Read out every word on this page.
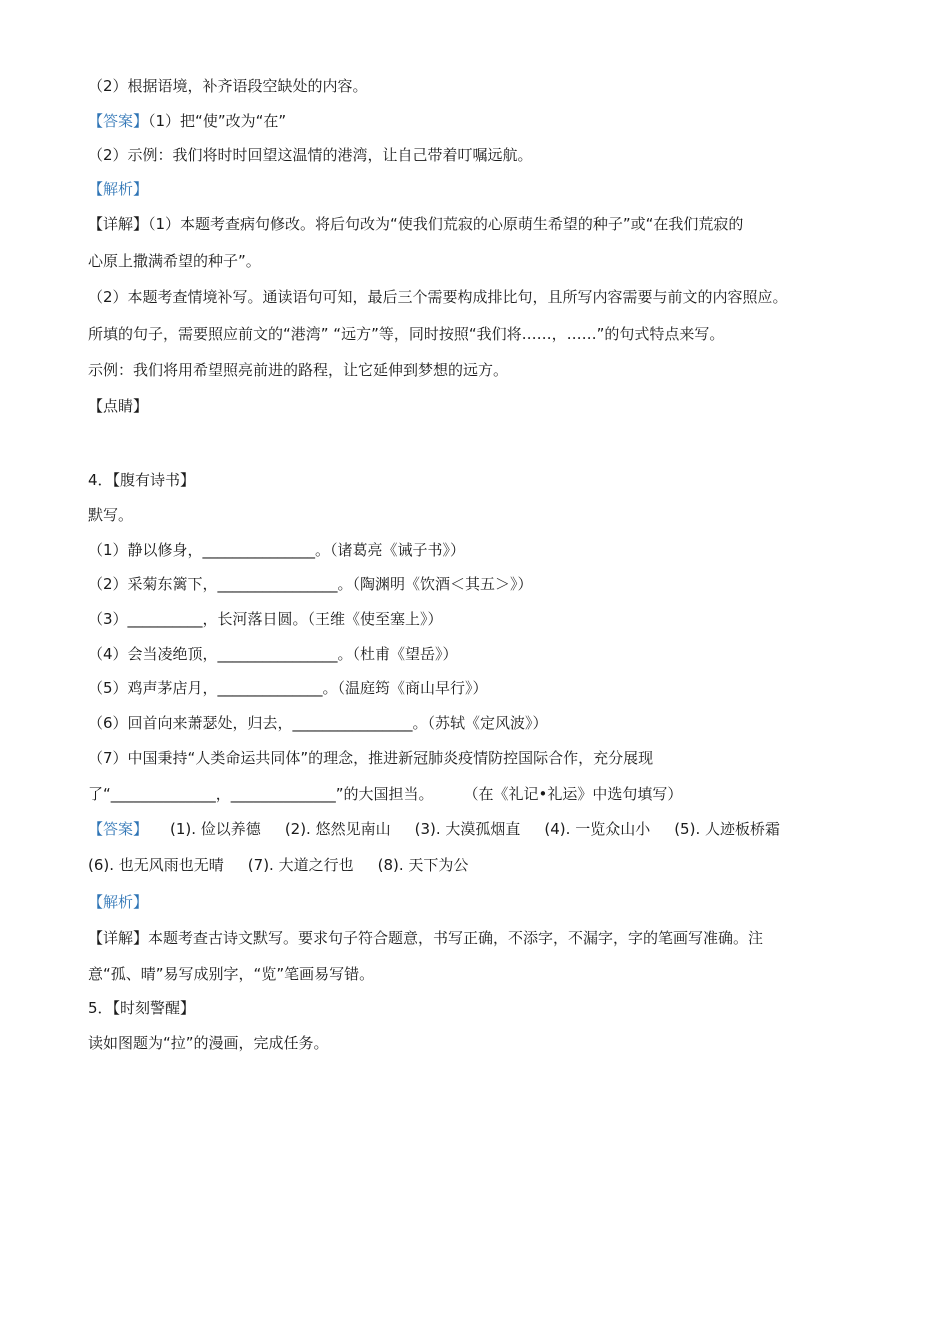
（2）根据语境，补齐语段空缺处的内容。

【答案】（1）把“使”改为“在”

（2）示例：我们将时时回望这温情的港湾，让自己带着叮嘱远航。

【解析】

【详解】（1）本题考查病句修改。将后句改为“使我们荒寂的心原萌生希望的种子”或“在我们荒寂的

心原上撒满希望的种子”。

（2）本题考查情境补写。通读语句可知，最后三个需要构成排比句，且所写内容需要与前文的内容照应。

所填的句子，需要照应前文的“港湾” “远方”等，同时按照“我们将……，……”的句式特点来写。

示例：我们将用希望照亮前进的路程，让它延伸到梦想的远方。

【点睛】

4．【腹有诗书】

默写。

（1）静以修身，_______________。（诸葛亮《诫子书》）

（2）采菊东篱下，________________。（陶渊明《饮酒＜其五＞》）

（3）__________，长河落日圆。（王维《使至塞上》）

（4）会当凌绝顶，________________。（杜甫《望岳》）

（5）鸡声茅店月，______________。（温庭筠《商山早行》）

（6）回首向来萧瑟处，归去，________________。（苏轼《定风波》）

（7）中国秉持“人类命运共同体”的理念，推进新冠肺炎疫情防控国际合作，充分展现

了“______________，______________”的大国担当。 （在《礼记•礼运》中选句填写）

【答案】 (1). 俭以养德 (2). 悠然见南山 (3). 大漠孤烟直 (4). 一览众山小 (5). 人迹板桥霜

(6). 也无风雨也无晴 (7). 大道之行也 (8). 天下为公

【解析】

【详解】本题考查古诗文默写。要求句子符合题意，书写正确，不添字，不漏字，字的笔画写准确。注

意“孤、晴”易写成别字，“览”笔画易写错。

5．【时刻警醒】

读如图题为“拉”的漫画，完成任务。
